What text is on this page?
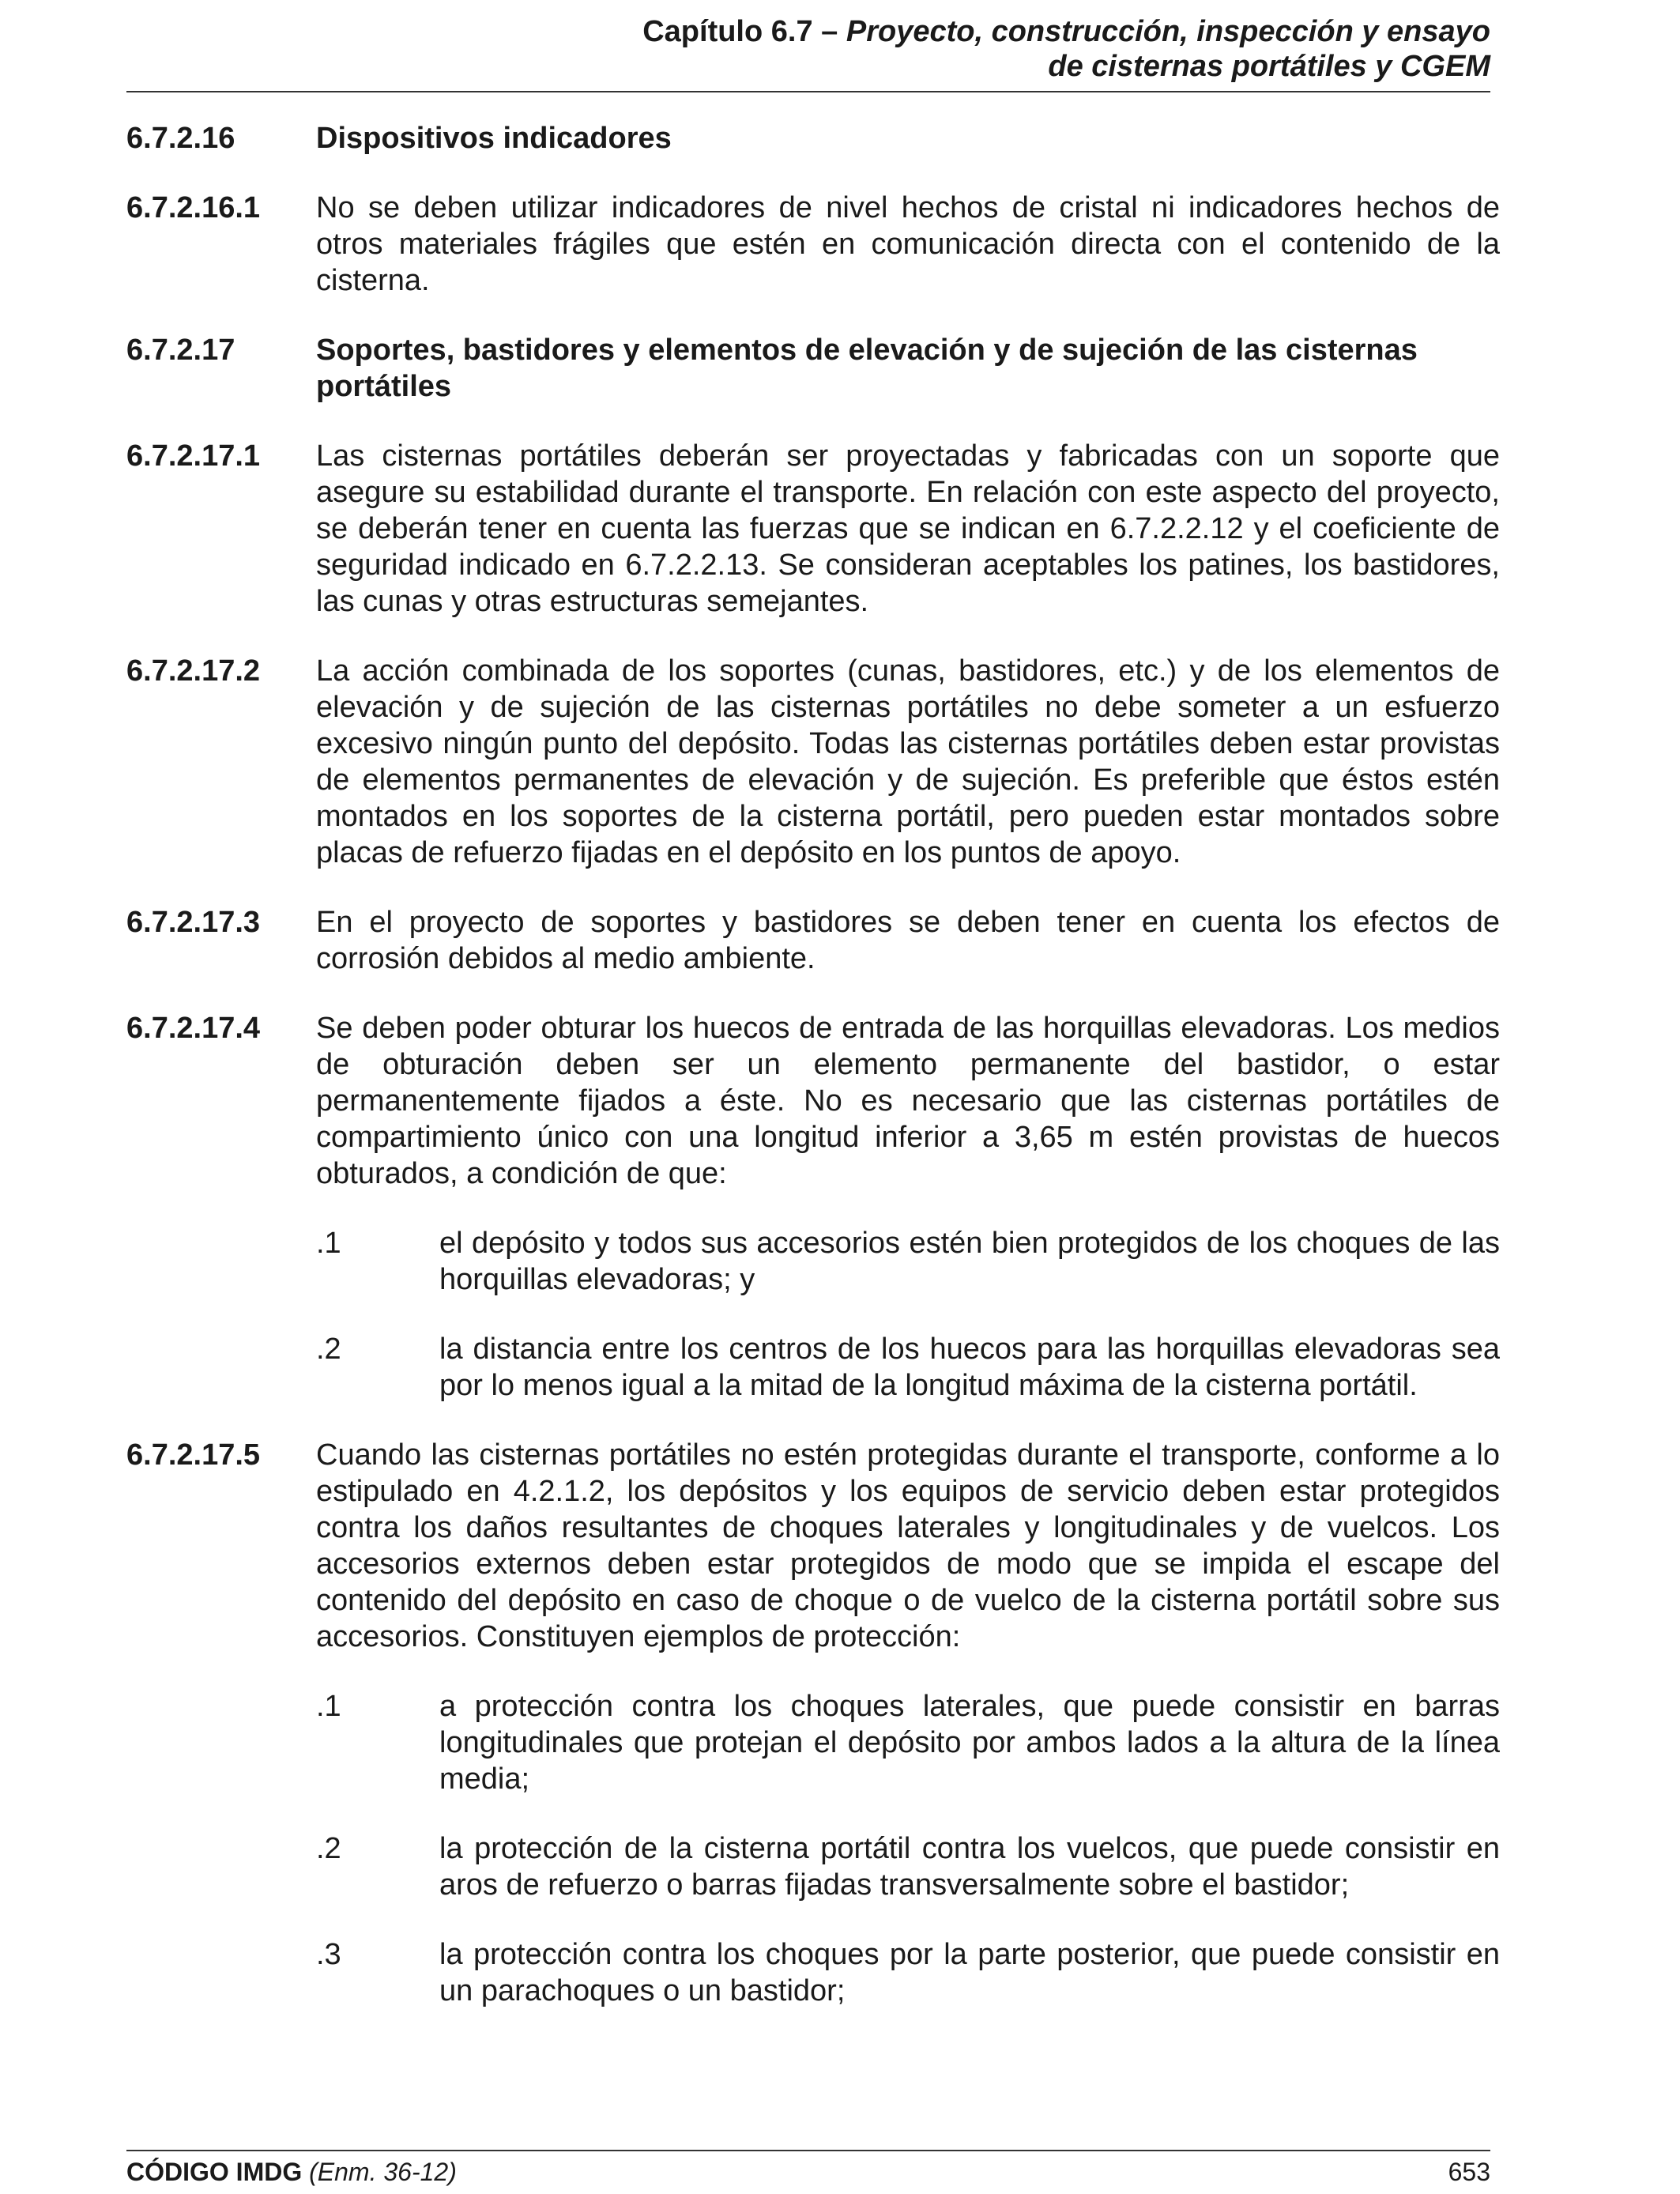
Capítulo 6.7 – Proyecto, construcción, inspección y ensayo
de cisternas portátiles y CGEM
6.7.2.16	Dispositivos indicadores
6.7.2.16.1	No se deben utilizar indicadores de nivel hechos de cristal ni indicadores hechos de otros materiales frágiles que estén en comunicación directa con el contenido de la cisterna.
6.7.2.17	Soportes, bastidores y elementos de elevación y de sujeción de las cisternas portátiles
6.7.2.17.1	Las cisternas portátiles deberán ser proyectadas y fabricadas con un soporte que asegure su estabilidad durante el transporte. En relación con este aspecto del proyecto, se deberán tener en cuenta las fuerzas que se indican en 6.7.2.2.12 y el coeficiente de seguridad indicado en 6.7.2.2.13. Se consideran aceptables los patines, los bastidores, las cunas y otras estructuras semejantes.
6.7.2.17.2	La acción combinada de los soportes (cunas, bastidores, etc.) y de los elementos de elevación y de sujeción de las cisternas portátiles no debe someter a un esfuerzo excesivo ningún punto del depósito. Todas las cisternas portátiles deben estar provistas de elementos permanentes de elevación y de sujeción. Es preferible que éstos estén montados en los soportes de la cisterna portátil, pero pueden estar montados sobre placas de refuerzo fijadas en el depósito en los puntos de apoyo.
6.7.2.17.3	En el proyecto de soportes y bastidores se deben tener en cuenta los efectos de corrosión debidos al medio ambiente.
6.7.2.17.4	Se deben poder obturar los huecos de entrada de las horquillas elevadoras. Los medios de obturación deben ser un elemento permanente del bastidor, o estar permanentemente fijados a éste. No es necesario que las cisternas portátiles de compartimiento único con una longitud inferior a 3,65 m estén provistas de huecos obturados, a condición de que:
.1	el depósito y todos sus accesorios estén bien protegidos de los choques de las horquillas elevadoras; y
.2	la distancia entre los centros de los huecos para las horquillas elevadoras sea por lo menos igual a la mitad de la longitud máxima de la cisterna portátil.
6.7.2.17.5	Cuando las cisternas portátiles no estén protegidas durante el transporte, conforme a lo estipulado en 4.2.1.2, los depósitos y los equipos de servicio deben estar protegidos contra los daños resultantes de choques laterales y longitudinales y de vuelcos. Los accesorios externos deben estar protegidos de modo que se impida el escape del contenido del depósito en caso de choque o de vuelco de la cisterna portátil sobre sus accesorios. Constituyen ejemplos de protección:
.1	a protección contra los choques laterales, que puede consistir en barras longitudinales que protejan el depósito por ambos lados a la altura de la línea media;
.2	la protección de la cisterna portátil contra los vuelcos, que puede consistir en aros de refuerzo o barras fijadas transversalmente sobre el bastidor;
.3	la protección contra los choques por la parte posterior, que puede consistir en un parachoques o un bastidor;
CÓDIGO IMDG (Enm. 36-12)	653
